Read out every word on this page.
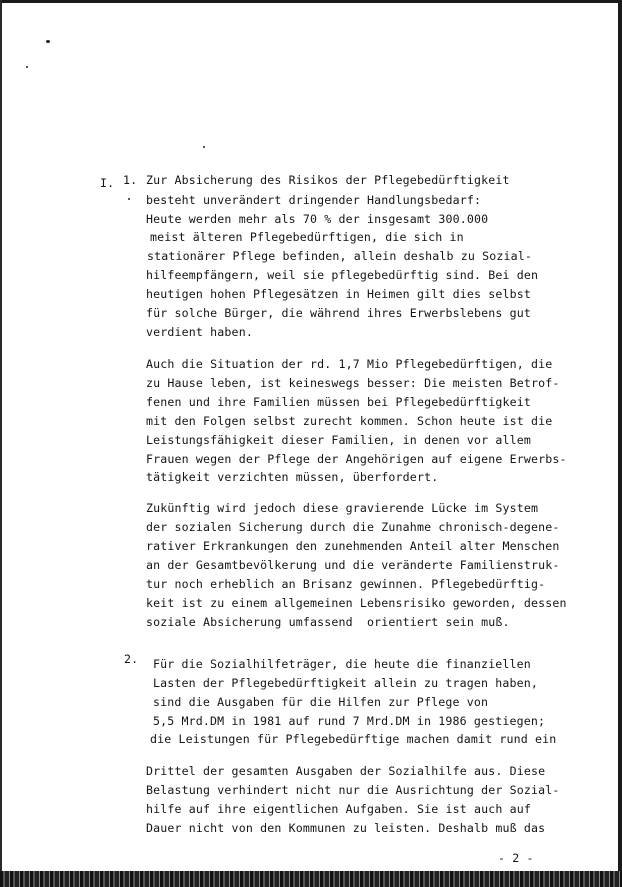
I. 1. Zur Absicherung des Risikos der Pflegebedürftigkeit
besteht unverändert dringender Handlungsbedarf:
Heute werden mehr als 70 % der insgesamt 300.000
meist älteren Pflegebedürftigen, die sich in
stationärer Pflege befinden, allein deshalb zu Sozial-
hilfeempfängern, weil sie pflegebedürftig sind. Bei den
heutigen hohen Pflegesätzen in Heimen gilt dies selbst
für solche Bürger, die während ihres Erwerbslebens gut
verdient haben.
Auch die Situation der rd. 1,7 Mio Pflegebedürftigen, die
zu Hause leben, ist keineswegs besser: Die meisten Betrof-
fenen und ihre Familien müssen bei Pflegebedürftigkeit
mit den Folgen selbst zurecht kommen. Schon heute ist die
Leistungsfähigkeit dieser Familien, in denen vor allem
Frauen wegen der Pflege der Angehörigen auf eigene Erwerbs-
tätigkeit verzichten müssen, überfordert.
Zukünftig wird jedoch diese gravierende Lücke im System
der sozialen Sicherung durch die Zunahme chronisch-degene-
rativer Erkrankungen den zunehmenden Anteil alter Menschen
an der Gesamtbevölkerung und die veränderte Familienstruk-
tur noch erheblich an Brisanz gewinnen. Pflegebedürftig-
keit ist zu einem allgemeinen Lebensrisiko geworden, dessen
soziale Absicherung umfassend  orientiert sein muß.
2. Für die Sozialhilfeträger, die heute die finanziellen
Lasten der Pflegebedürftigkeit allein zu tragen haben,
sind die Ausgaben für die Hilfen zur Pflege von
5,5 Mrd.DM in 1981 auf rund 7 Mrd.DM in 1986 gestiegen;
die Leistungen für Pflegebedürftige machen damit rund ein
Drittel der gesamten Ausgaben der Sozialhilfe aus. Diese
Belastung verhindert nicht nur die Ausrichtung der Sozial-
hilfe auf ihre eigentlichen Aufgaben. Sie ist auch auf
Dauer nicht von den Kommunen zu leisten. Deshalb muß das
- 2 -
